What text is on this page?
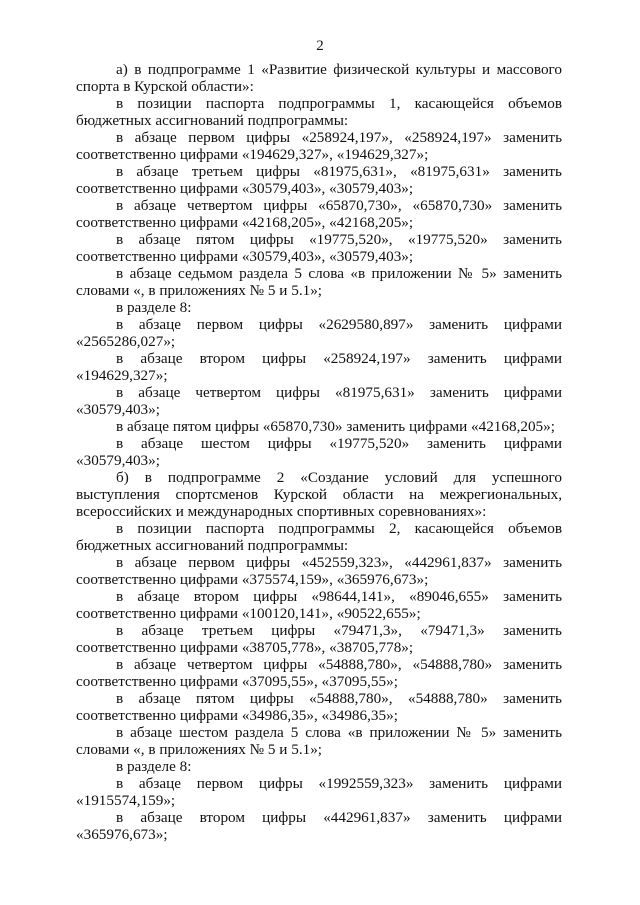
2

а) в подпрограмме 1 «Развитие физической культуры и массового спорта в Курской области»:

в позиции паспорта подпрограммы 1, касающейся объемов бюджетных ассигнований подпрограммы:

в абзаце первом цифры «258924,197», «258924,197» заменить соответственно цифрами «194629,327», «194629,327»;

в абзаце третьем цифры «81975,631», «81975,631» заменить соответственно цифрами «30579,403», «30579,403»;

в абзаце четвертом цифры «65870,730», «65870,730» заменить соответственно цифрами «42168,205», «42168,205»;

в абзаце пятом цифры «19775,520», «19775,520» заменить соответственно цифрами «30579,403», «30579,403»;

в абзаце седьмом раздела 5 слова «в приложении № 5» заменить словами «, в приложениях № 5 и 5.1»;

в разделе 8:

в абзаце первом цифры «2629580,897» заменить цифрами «2565286,027»;

в абзаце втором цифры «258924,197» заменить цифрами «194629,327»;

в абзаце четвертом цифры «81975,631» заменить цифрами «30579,403»;

в абзаце пятом цифры «65870,730» заменить цифрами «42168,205»;

в абзаце шестом цифры «19775,520» заменить цифрами «30579,403»;

б) в подпрограмме 2 «Создание условий для успешного выступления спортсменов Курской области на межрегиональных, всероссийских и международных спортивных соревнованиях»:

в позиции паспорта подпрограммы 2, касающейся объемов бюджетных ассигнований подпрограммы:

в абзаце первом цифры «452559,323», «442961,837» заменить соответственно цифрами «375574,159», «365976,673»;

в абзаце втором цифры «98644,141», «89046,655» заменить соответственно цифрами «100120,141», «90522,655»;

в абзаце третьем цифры «79471,3», «79471,3» заменить соответственно цифрами «38705,778», «38705,778»;

в абзаце четвертом цифры «54888,780», «54888,780» заменить соответственно цифрами «37095,55», «37095,55»;

в абзаце пятом цифры «54888,780», «54888,780» заменить соответственно цифрами «34986,35», «34986,35»;

в абзаце шестом раздела 5 слова «в приложении № 5» заменить словами «, в приложениях № 5 и 5.1»;

в разделе 8:

в абзаце первом цифры «1992559,323» заменить цифрами «1915574,159»;

в абзаце втором цифры «442961,837» заменить цифрами «365976,673»;
